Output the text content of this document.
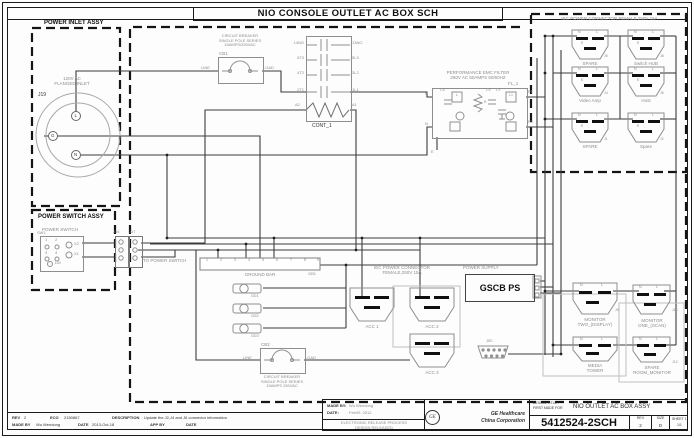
NIO CONSOLE OUTLET AC BOX SCH
POWER INLET ASSY
120V AC
FLANGED INLET
J19
L
G
N
POWER SWITCH ASSY
POWER SWITCH
SW1
1 2
3 4
X2
X1
LM
J16 J17
TO POWER SWITCH
CIRCUIT BREAKER
SINGLE POLE SERIES
15AMPS/250VAC
CB1
LINE	LOAD
14NO
6T3
4T2
2T1
13NO
5L3
3L2
1L1
A2	A1
CONT_1
PERFORMANCE EMC FILTER
250V AC 50AMPS 50/60HZ
FL_1
P
N
E
P1
N1
CX
L
R
CX CY
L1
IEC POWER CONNECTOR,FEMALE,250V 15A
N	L
E
SPARE
J5
N	L
E
Switch HUB
J8
N	L
E
Video Amp
J4
N	L
E
Host
J6
N	L
E
SPARE
J1
N	L
E
Spare
J2
GROUND BAR	GB1
1	2	3	4	5	6	7	8	9
G01
G02
G03
CB2
LINE	LOAD
CIRCUIT BREAKER
SINGLE POLE SERIES
15AMPS 250VAC
IEC POWER CONNECTOR
FEMALE,250V 15A
ACC 1	ACC 2
ACC 3
POWER SUPPLY
GSCB PS
J50
N	L
MONITOR
TWO_(DISPLAY)
J9
N	L
MONITOR
ONE_(SCAN)
J10
N	L
MEDIA
TOWER
N	L
SPARE
ROOM_MONITOR
J12
REV 2	ECO 2150867	DESCRIPTION Update the J2,J4 and J6 connector information
MADE BY Wu Wendong	DATE 2013-Oct-18	APP BY	DATE
MADE BY: Wu Wendong
DATE:	Feb09, 2012
ELECTRONIC RELEASE PROCESS
DESIGN RELEASED
GE
GE Healthcare
China Corporation
DESIGN TITLE
FIRST MADE FOR NIO OUTLET AC BOX ASSY
5412524-2SCH	REV
2
SIZE
D
SHEET 1
1/1
